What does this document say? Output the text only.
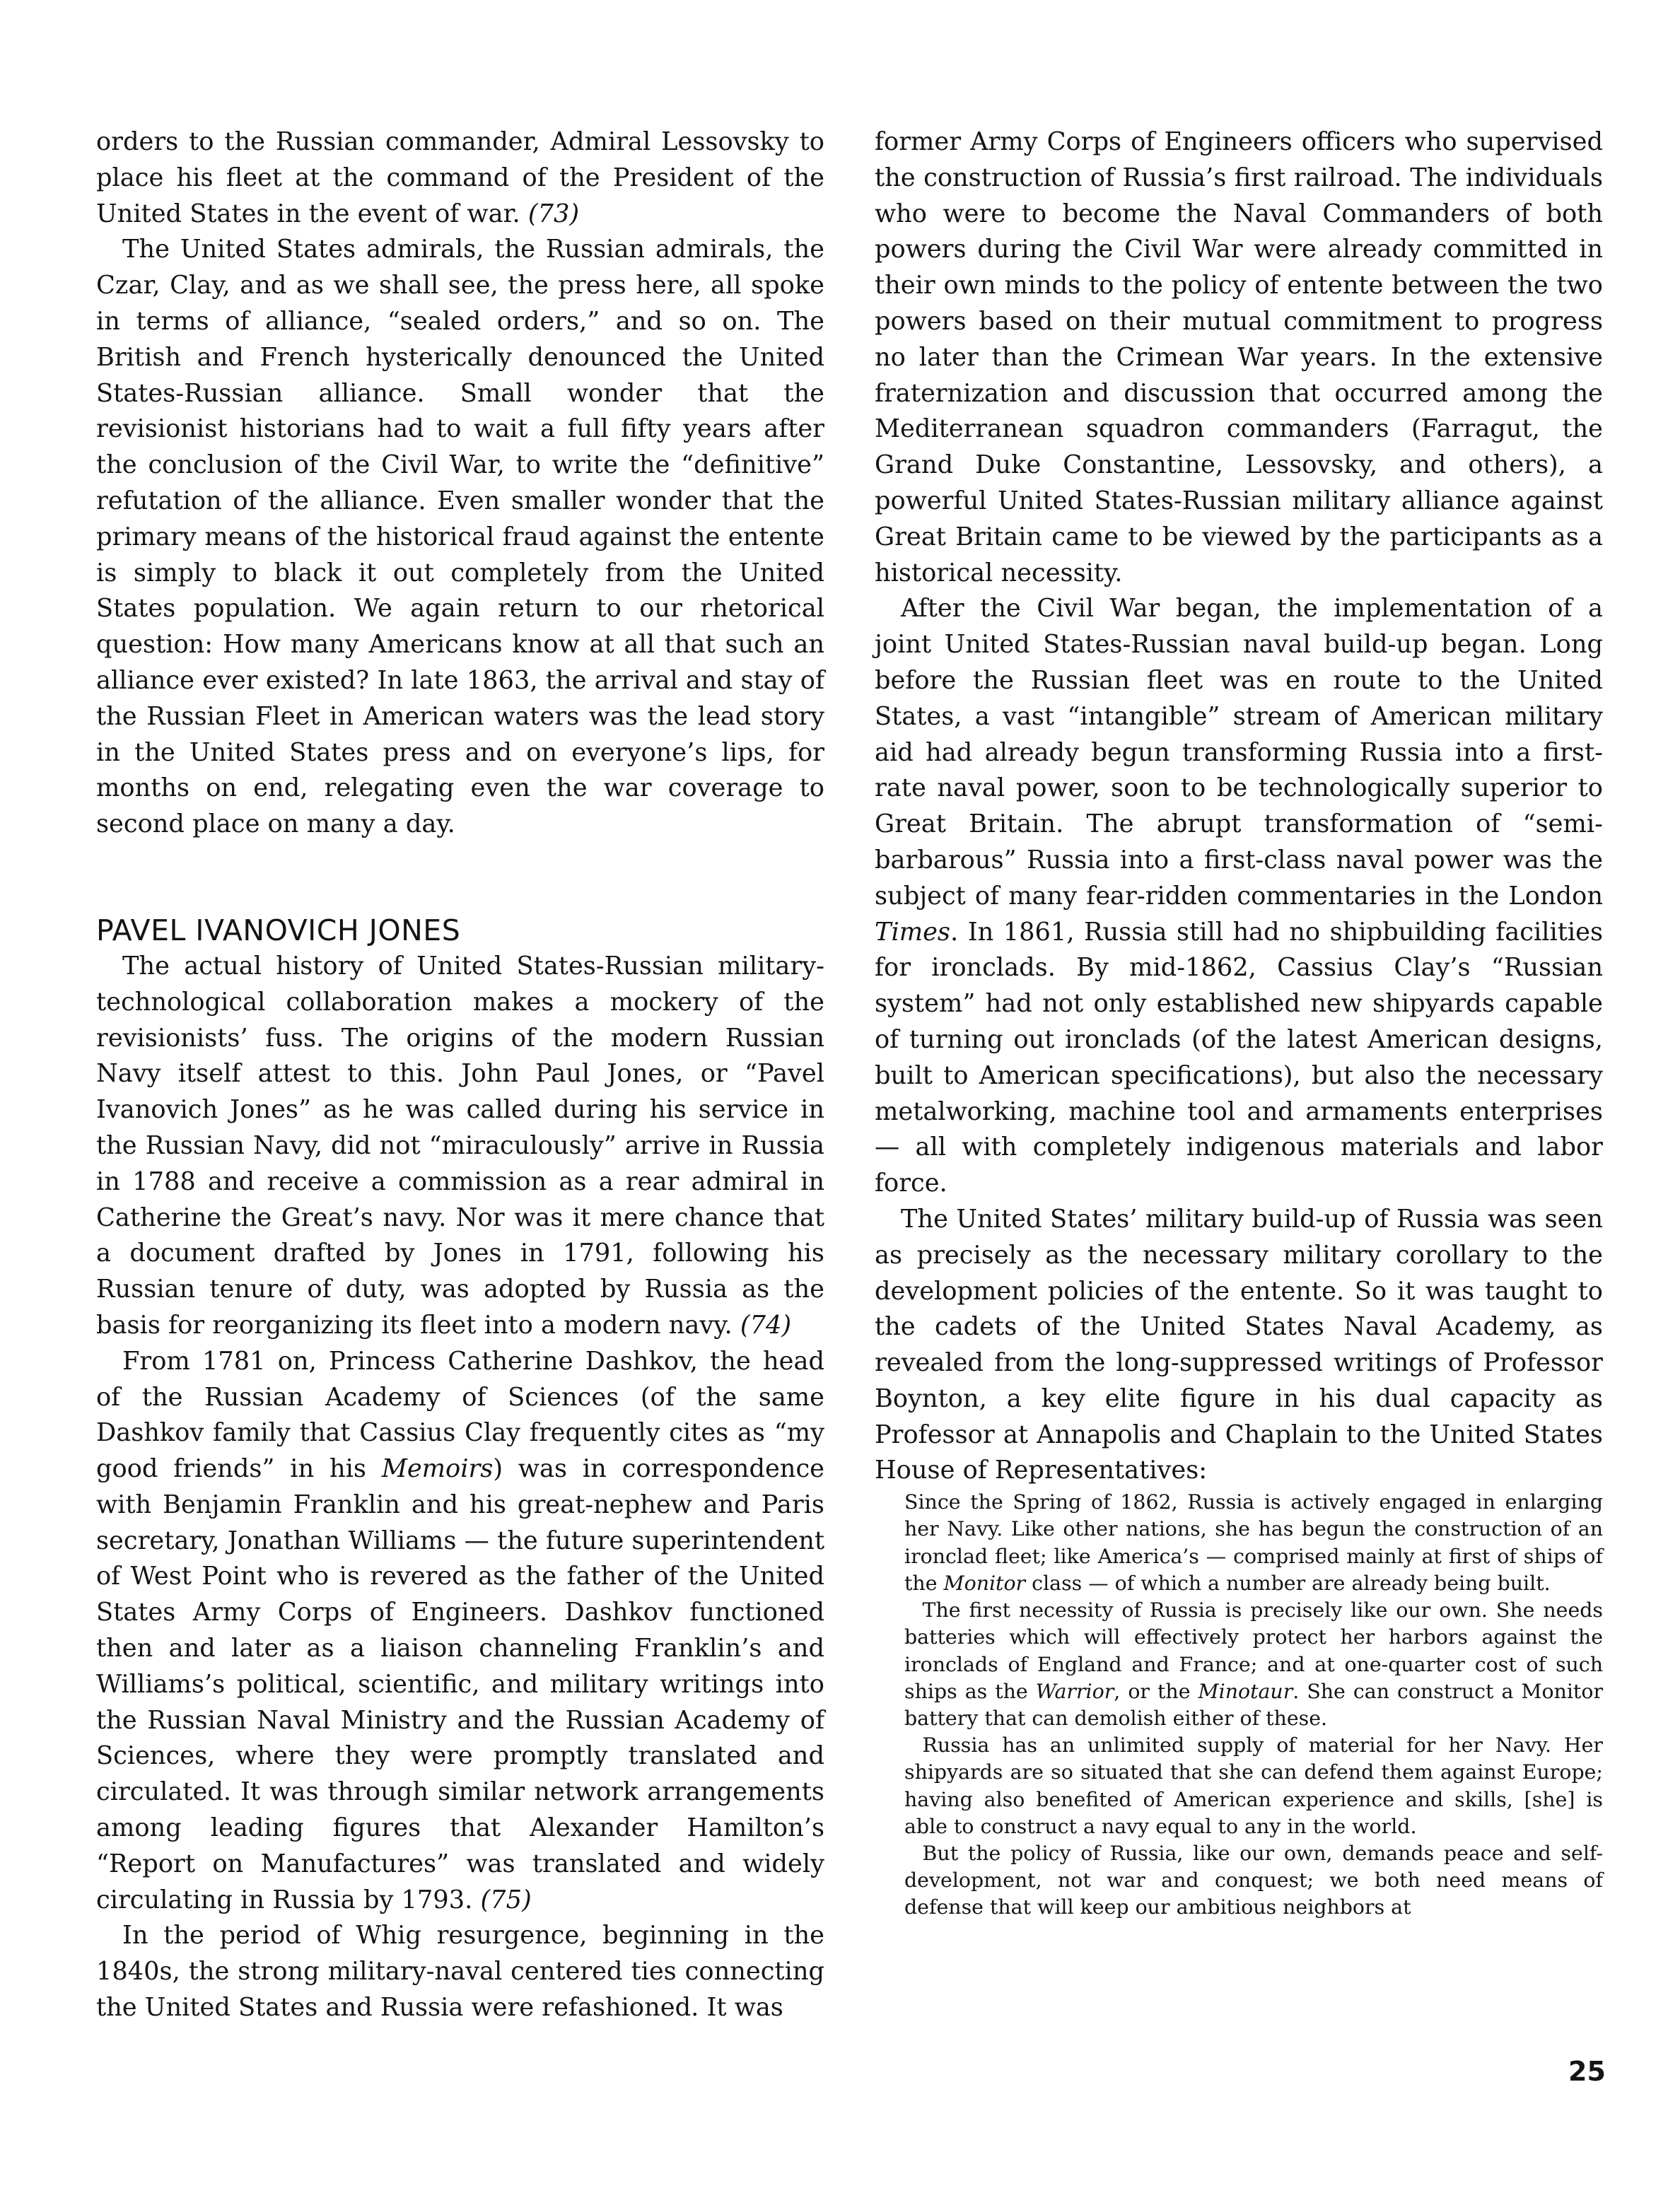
orders to the Russian commander, Admiral Lessovsky to place his fleet at the command of the President of the United States in the event of war. (73)

The United States admirals, the Russian admirals, the Czar, Clay, and as we shall see, the press here, all spoke in terms of alliance, “sealed orders,” and so on. The British and French hysterically denounced the United States-Russian alliance. Small wonder that the revisionist historians had to wait a full fifty years after the conclusion of the Civil War, to write the “definitive” refutation of the alliance. Even smaller wonder that the primary means of the historical fraud against the entente is simply to black it out completely from the United States population. We again return to our rhetorical question: How many Americans know at all that such an alliance ever existed? In late 1863, the arrival and stay of the Russian Fleet in American waters was the lead story in the United States press and on everyone’s lips, for months on end, relegating even the war coverage to second place on many a day.

PAVEL IVANOVICH JONES

The actual history of United States-Russian military-technological collaboration makes a mockery of the revisionists’ fuss. The origins of the modern Russian Navy itself attest to this. John Paul Jones, or “Pavel Ivanovich Jones” as he was called during his service in the Russian Navy, did not “miraculously” arrive in Russia in 1788 and receive a commission as a rear admiral in Catherine the Great’s navy. Nor was it mere chance that a document drafted by Jones in 1791, following his Russian tenure of duty, was adopted by Russia as the basis for reorganizing its fleet into a modern navy. (74)

From 1781 on, Princess Catherine Dashkov, the head of the Russian Academy of Sciences (of the same Dashkov family that Cassius Clay frequently cites as “my good friends” in his Memoirs) was in correspondence with Benjamin Franklin and his great-nephew and Paris secretary, Jonathan Williams — the future superintendent of West Point who is revered as the father of the United States Army Corps of Engineers. Dashkov functioned then and later as a liaison channeling Franklin’s and Williams’s political, scientific, and military writings into the Russian Naval Ministry and the Russian Academy of Sciences, where they were promptly translated and circulated. It was through similar network arrangements among leading figures that Alexander Hamilton’s “Report on Manufactures” was translated and widely circulating in Russia by 1793. (75)

In the period of Whig resurgence, beginning in the 1840s, the strong military-naval centered ties connecting the United States and Russia were refashioned. It was

former Army Corps of Engineers officers who supervised the construction of Russia’s first railroad. The individuals who were to become the Naval Commanders of both powers during the Civil War were already committed in their own minds to the policy of entente between the two powers based on their mutual commitment to progress no later than the Crimean War years. In the extensive fraternization and discussion that occurred among the Mediterranean squadron commanders (Farragut, the Grand Duke Constantine, Lessovsky, and others), a powerful United States-Russian military alliance against Great Britain came to be viewed by the participants as a historical necessity.

After the Civil War began, the implementation of a joint United States-Russian naval build-up began. Long before the Russian fleet was en route to the United States, a vast “intangible” stream of American military aid had already begun transforming Russia into a first-rate naval power, soon to be technologically superior to Great Britain. The abrupt transformation of “semi-barbarous” Russia into a first-class naval power was the subject of many fear-ridden commentaries in the London Times. In 1861, Russia still had no shipbuilding facilities for ironclads. By mid-1862, Cassius Clay’s “Russian system” had not only established new shipyards capable of turning out ironclads (of the latest American designs, built to American specifications), but also the necessary metalworking, machine tool and armaments enterprises — all with completely indigenous materials and labor force.

The United States’ military build-up of Russia was seen as precisely as the necessary military corollary to the development policies of the entente. So it was taught to the cadets of the United States Naval Academy, as revealed from the long-suppressed writings of Professor Boynton, a key elite figure in his dual capacity as Professor at Annapolis and Chaplain to the United States House of Representatives:

Since the Spring of 1862, Russia is actively engaged in enlarging her Navy. Like other nations, she has begun the construction of an ironclad fleet; like America’s — comprised mainly at first of ships of the Monitor class — of which a number are already being built.

The first necessity of Russia is precisely like our own. She needs batteries which will effectively protect her harbors against the ironclads of England and France; and at one-quarter cost of such ships as the Warrior, or the Minotaur. She can construct a Monitor battery that can demolish either of these.

Russia has an unlimited supply of material for her Navy. Her shipyards are so situated that she can defend them against Europe; having also benefited of American experience and skills, [she] is able to construct a navy equal to any in the world.

But the policy of Russia, like our own, demands peace and self-development, not war and conquest; we both need means of defense that will keep our ambitious neighbors at

25
